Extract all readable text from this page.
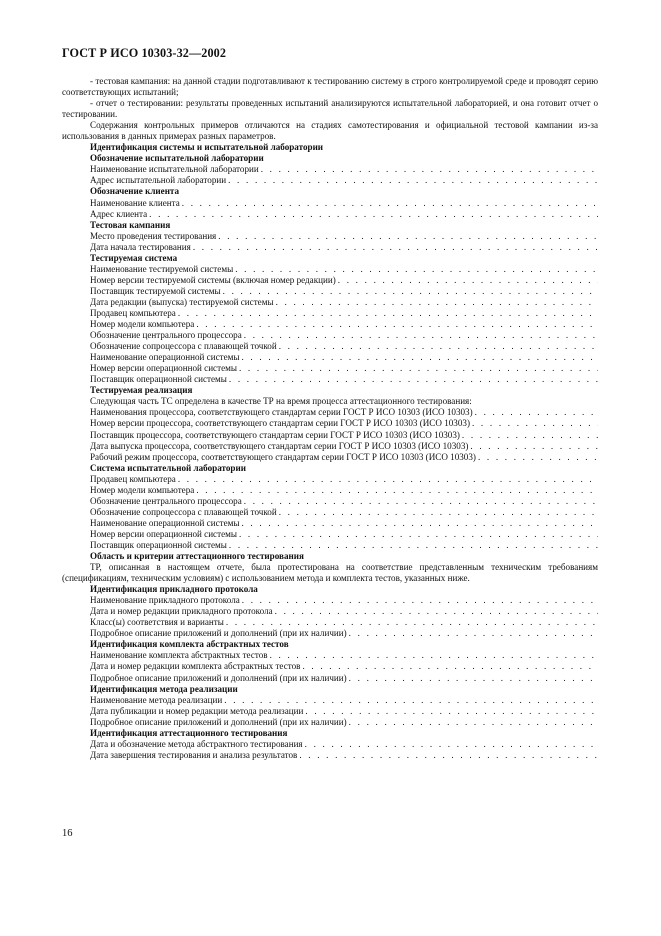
ГОСТ Р ИСО 10303-32—2002

- тестовая кампания: на данной стадии подготавливают к тестированию систему в строго контролируемой среде и проводят серию соответствующих испытаний;

- отчет о тестировании: результаты проведенных испытаний анализируются испытательной лабораторией, и она готовит отчет о тестировании.

Содержания контрольных примеров отличаются на стадиях самотестирования и официальной тестовой кампании из-за использования в данных примерах разных параметров.

Идентификация системы и испытательной лаборатории
Обозначение испытательной лаборатории
Наименование испытательной лаборатории
. . .
Адрес испытательной лаборатории
. . .
Обозначение клиента
Наименование клиента
. . .
Адрес клиента
. . .
Тестовая кампания
Место проведения тестирования
. . .
Дата начала тестирования
. . .
Тестируемая система
Наименование тестируемой системы
. . .
Номер версии тестируемой системы (включая номер редакции)
. . .
Поставщик тестируемой системы
. . .
Дата редакции (выпуска) тестируемой системы
. . .
Продавец компьютера
. . .
Номер модели компьютера
. . .
Обозначение центрального процессора
. . .
Обозначение сопроцессора с плавающей точкой
. . .
Наименование операционной системы
. . .
Номер версии операционной системы
. . .
Поставщик операционной системы
. . .
Тестируемая реализация
Следующая часть ТС определена в качестве ТР на время процесса аттестационного тестирования:
Наименования процессора, соответствующего стандартам серии ГОСТ Р ИСО 10303 (ИСО 10303)
. . .
Номер версии процессора, соответствующего стандартам серии ГОСТ Р ИСО 10303 (ИСО 10303)
. . .
Поставщик процессора, соответствующего стандартам серии ГОСТ Р ИСО 10303 (ИСО 10303)
. . .
Дата выпуска процессора, соответствующего стандартам серии ГОСТ Р ИСО 10303 (ИСО 10303)
. . .
Рабочий режим процессора, соответствующего стандартам серии ГОСТ Р ИСО 10303 (ИСО 10303)
. . .
Система испытательной лаборатории
Продавец компьютера
. . .
Номер модели компьютера
. . .
Обозначение центрального процессора
. . .
Обозначение сопроцессора с плавающей точкой
. . .
Наименование операционной системы
. . .
Номер версии операционной системы
. . .
Поставщик операционной системы
. . .
Область и критерии аттестационного тестирования

ТР, описанная в настоящем отчете, была протестирована на соответствие представленным техническим требованиям (спецификациям, техническим условиям) с использованием метода и комплекта тестов, указанных ниже.

Идентификация прикладного протокола
Наименование прикладного протокола
. . .
Дата и номер редакции прикладного протокола
. . .
Класс(ы) соответствия и варианты
. . .
Подробное описание приложений и дополнений (при их наличии)
. . .
Идентификация комплекта абстрактных тестов
Наименование комплекта абстрактных тестов
. . .
Дата и номер редакции комплекта абстрактных тестов
. . .
Подробное описание приложений и дополнений (при их наличии)
. . .
Идентификация метода реализации
Наименование метода реализации
. . .
Дата публикации и номер редакции метода реализации
. . .
Подробное описание приложений и дополнений (при их наличии)
. . .
Идентификация аттестационного тестирования
Дата и обозначение метода абстрактного тестирования
. . .
Дата завершения тестирования и анализа результатов
. . .
16
